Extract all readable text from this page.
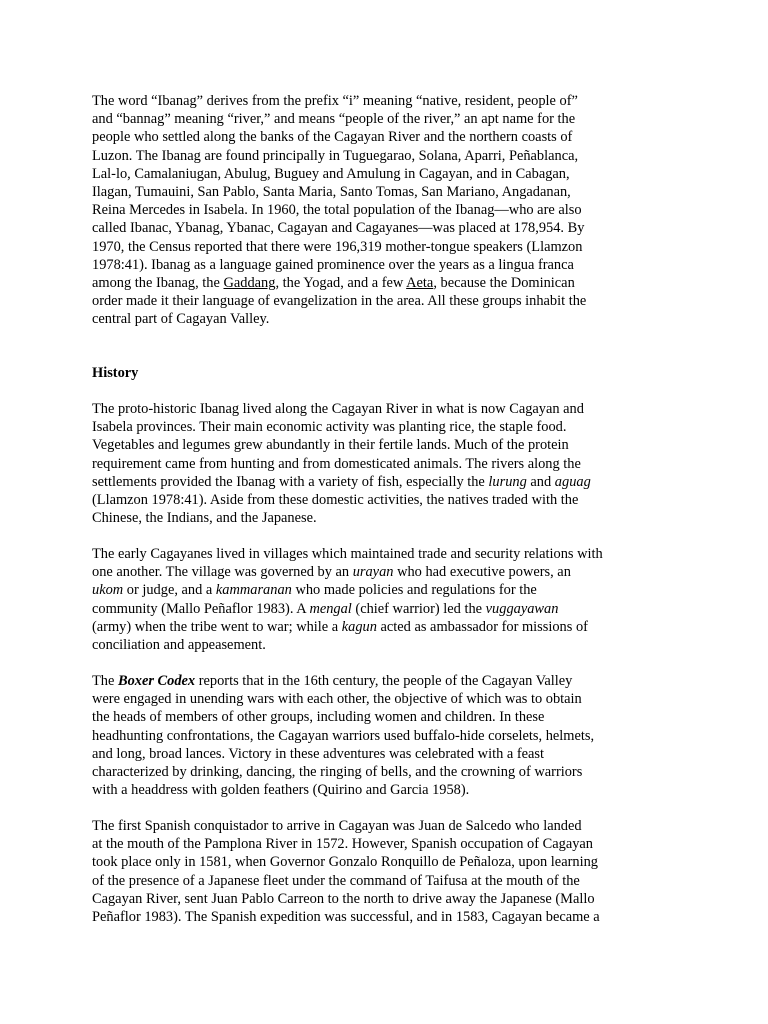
The word “Ibanag” derives from the prefix “i” meaning “native, resident, people of”
and “bannag” meaning “river,” and means “people of the river,” an apt name for the
people who settled along the banks of the Cagayan River and the northern coasts of
Luzon. The Ibanag are found principally in Tuguegarao, Solana, Aparri, Peñablanca,
Lal-lo, Camalaniugan, Abulug, Buguey and Amulung in Cagayan, and in Cabagan,
Ilagan, Tumauini, San Pablo, Santa Maria, Santo Tomas, San Mariano, Angadanan,
Reina Mercedes in Isabela. In 1960, the total population of the Ibanag—who are also
called Ibanac, Ybanag, Ybanac, Cagayan and Cagayanes—was placed at 178,954. By
1970, the Census reported that there were 196,319 mother-tongue speakers (Llamzon
1978:41). Ibanag as a language gained prominence over the years as a lingua franca
among the Ibanag, the Gaddang, the Yogad, and a few Aeta, because the Dominican
order made it their language of evangelization in the area. All these groups inhabit the
central part of Cagayan Valley.
History
The proto-historic Ibanag lived along the Cagayan River in what is now Cagayan and
Isabela provinces. Their main economic activity was planting rice, the staple food.
Vegetables and legumes grew abundantly in their fertile lands. Much of the protein
requirement came from hunting and from domesticated animals. The rivers along the
settlements provided the Ibanag with a variety of fish, especially the lurung and aguag
(Llamzon 1978:41). Aside from these domestic activities, the natives traded with the
Chinese, the Indians, and the Japanese.
The early Cagayanes lived in villages which maintained trade and security relations with
one another. The village was governed by an urayan who had executive powers, an
ukom or judge, and a kammaranan who made policies and regulations for the
community (Mallo Peñaflor 1983). A mengal (chief warrior) led the vuggayawan
(army) when the tribe went to war; while a kagun acted as ambassador for missions of
conciliation and appeasement.
The Boxer Codex reports that in the 16th century, the people of the Cagayan Valley
were engaged in unending wars with each other, the objective of which was to obtain
the heads of members of other groups, including women and children. In these
headhunting confrontations, the Cagayan warriors used buffalo-hide corselets, helmets,
and long, broad lances. Victory in these adventures was celebrated with a feast
characterized by drinking, dancing, the ringing of bells, and the crowning of warriors
with a headdress with golden feathers (Quirino and Garcia 1958).
The first Spanish conquistador to arrive in Cagayan was Juan de Salcedo who landed
at the mouth of the Pamplona River in 1572. However, Spanish occupation of Cagayan
took place only in 1581, when Governor Gonzalo Ronquillo de Peñaloza, upon learning
of the presence of a Japanese fleet under the command of Taifusa at the mouth of the
Cagayan River, sent Juan Pablo Carreon to the north to drive away the Japanese (Mallo
Peñaflor 1983). The Spanish expedition was successful, and in 1583, Cagayan became a
